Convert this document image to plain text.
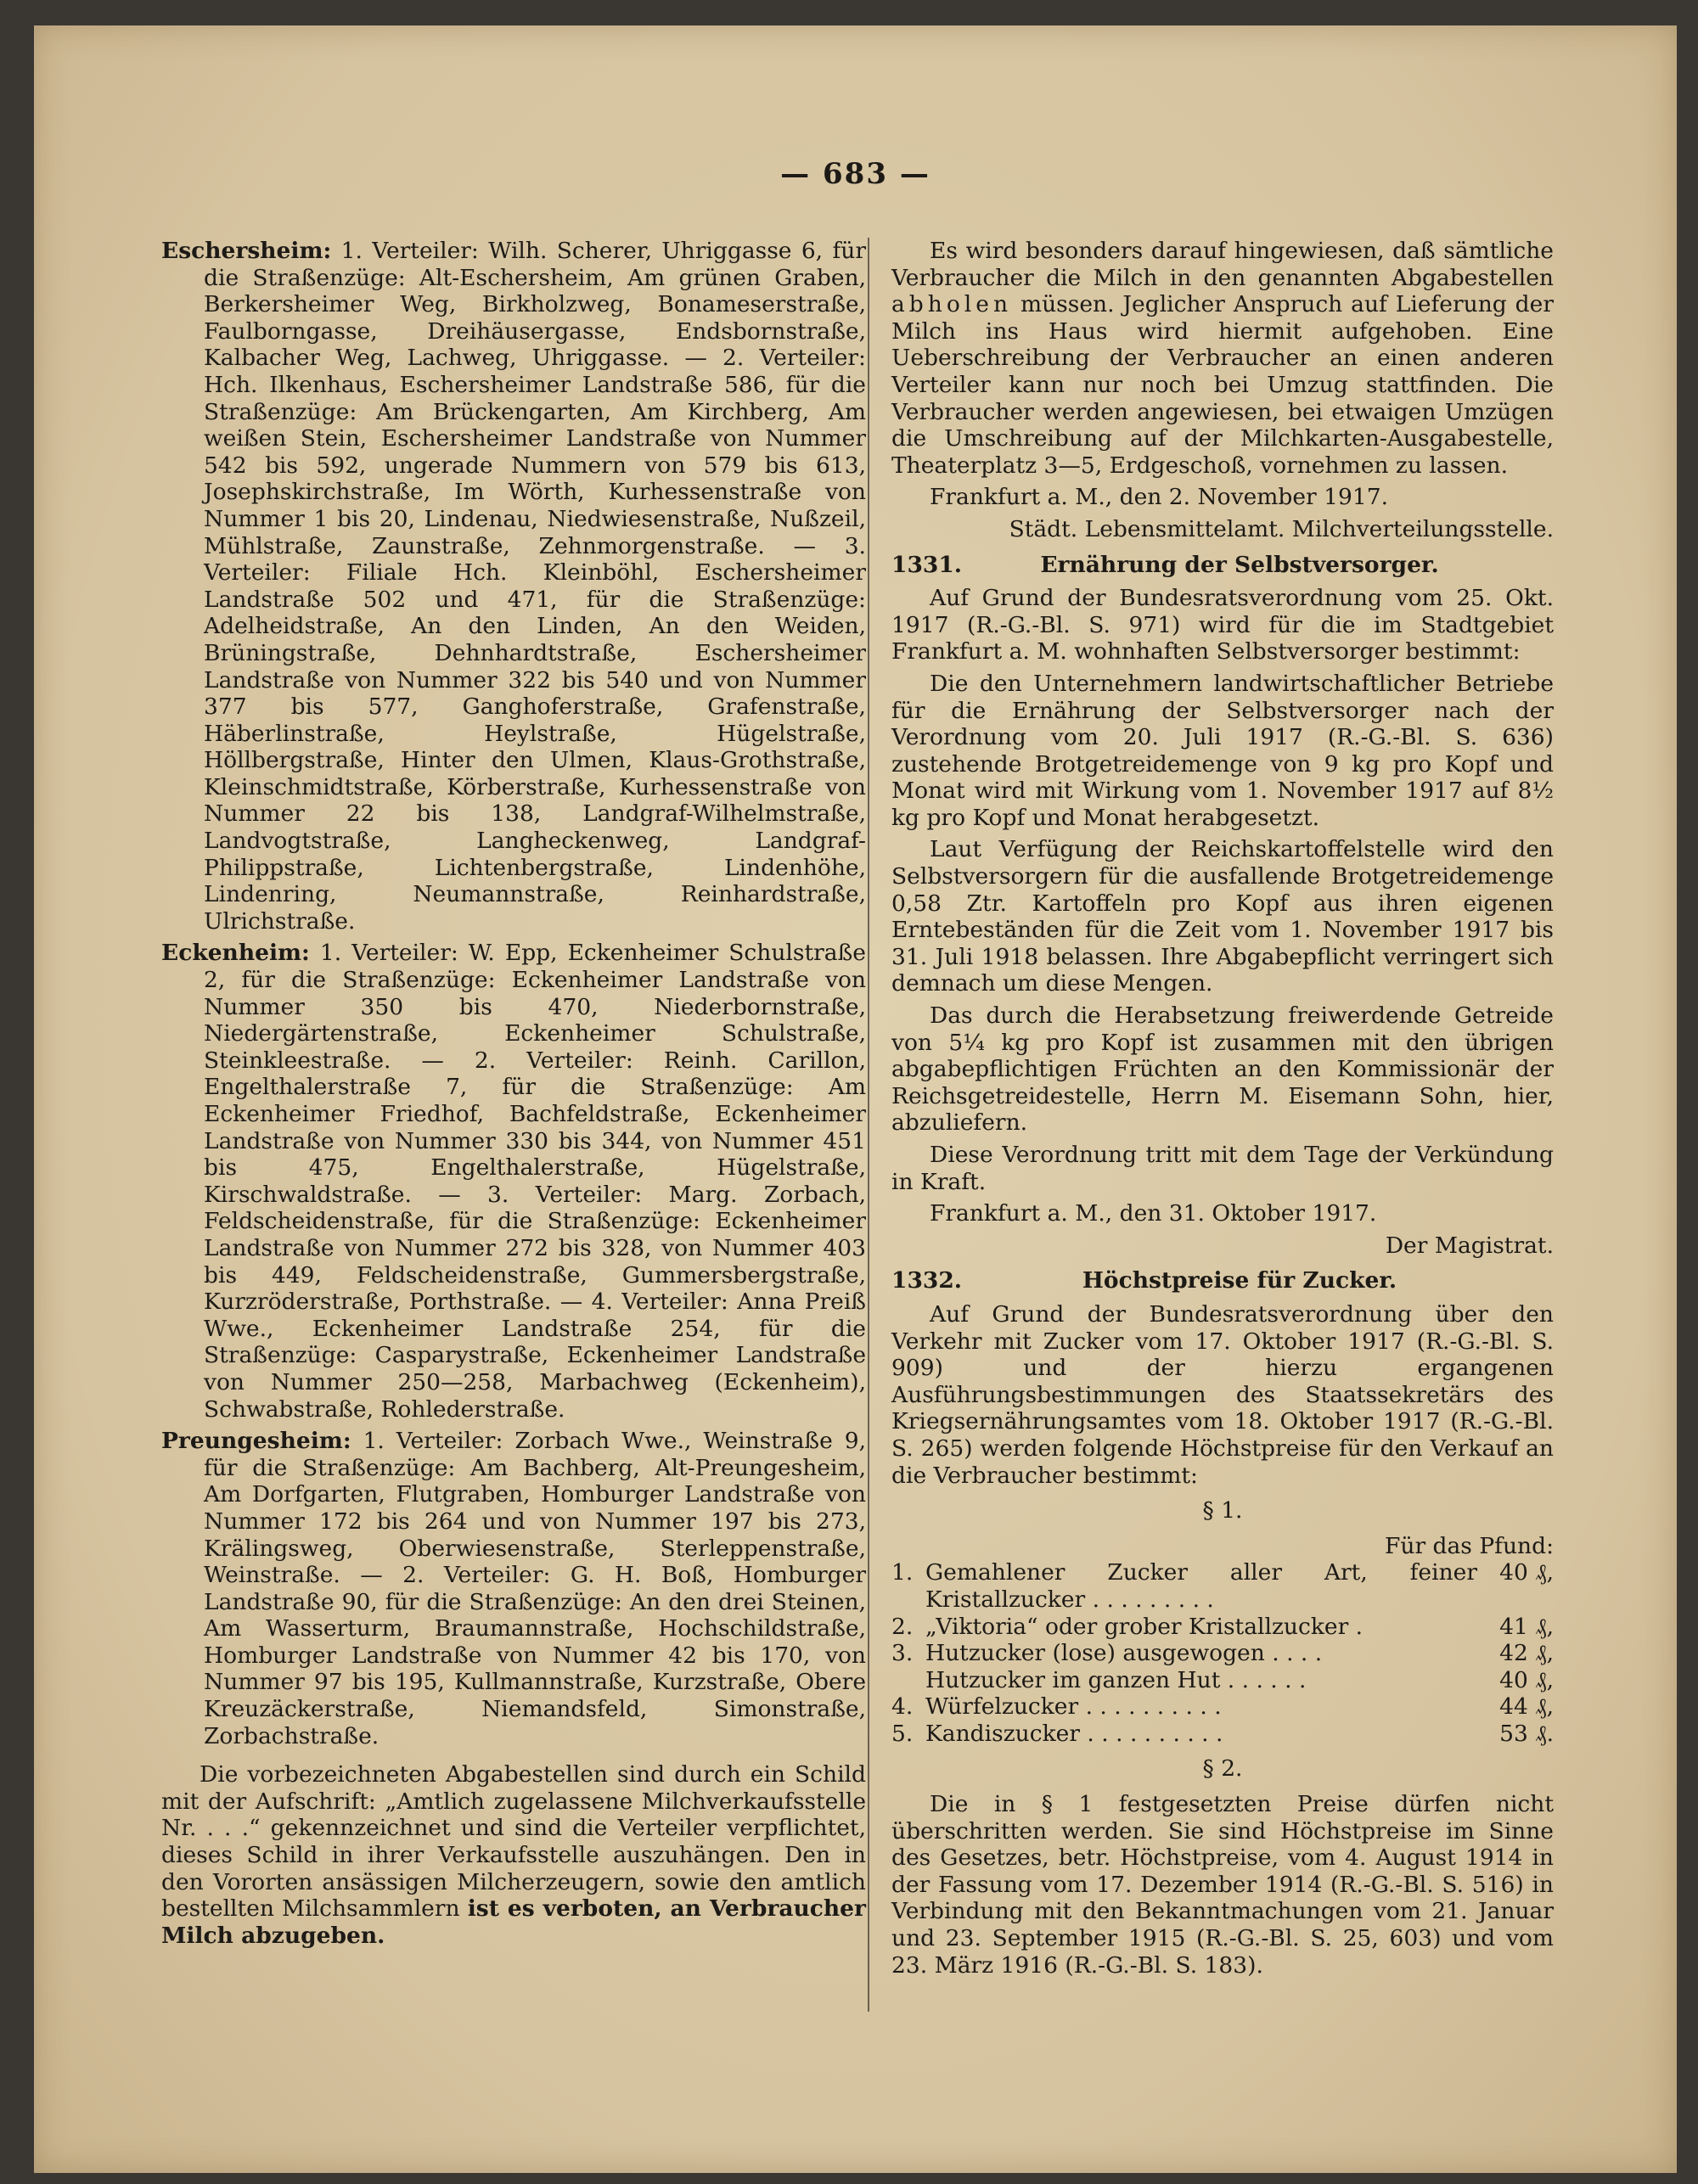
— 683 —

Eschersheim: 1. Verteiler: Wilh. Scherer, Uhriggasse 6, für die Straßenzüge: Alt-Eschersheim, Am grünen Graben, Berkersheimer Weg, Birkholzweg, Bonameserstraße, Faulborngasse, Dreihäusergasse, Endsbornstraße, Kalbacher Weg, Lachweg, Uhriggasse. — 2. Verteiler: Hch. Ilkenhaus, Eschersheimer Landstraße 586, für die Straßenzüge: Am Brückengarten, Am Kirchberg, Am weißen Stein, Eschersheimer Landstraße von Nummer 542 bis 592, ungerade Nummern von 579 bis 613, Josephskirchstraße, Im Wörth, Kurhessenstraße von Nummer 1 bis 20, Lindenau, Niedwiesenstraße, Nußzeil, Mühlstraße, Zaunstraße, Zehnmorgenstraße. — 3. Verteiler: Filiale Hch. Kleinböhl, Eschersheimer Landstraße 502 und 471, für die Straßenzüge: Adelheidstraße, An den Linden, An den Weiden, Brüningstraße, Dehnhardtstraße, Eschersheimer Landstraße von Nummer 322 bis 540 und von Nummer 377 bis 577, Ganghoferstraße, Grafenstraße, Häberlinstraße, Heylstraße, Hügelstraße, Höllbergstraße, Hinter den Ulmen, Klaus-Grothstraße, Kleinschmidtstraße, Körberstraße, Kurhessenstraße von Nummer 22 bis 138, Landgraf-Wilhelmstraße, Landvogtstraße, Langheckenweg, Landgraf-Philippstraße, Lichtenbergstraße, Lindenhöhe, Lindenring, Neumannstraße, Reinhardstraße, Ulrichstraße.

Eckenheim: 1. Verteiler: W. Epp, Eckenheimer Schulstraße 2, für die Straßenzüge: Eckenheimer Landstraße von Nummer 350 bis 470, Niederbornstraße, Niedergärtenstraße, Eckenheimer Schulstraße, Steinkleestraße. — 2. Verteiler: Reinh. Carillon, Engelthalerstraße 7, für die Straßenzüge: Am Eckenheimer Friedhof, Bachfeldstraße, Eckenheimer Landstraße von Nummer 330 bis 344, von Nummer 451 bis 475, Engelthalerstraße, Hügelstraße, Kirschwaldstraße. — 3. Verteiler: Marg. Zorbach, Feldscheidenstraße, für die Straßenzüge: Eckenheimer Landstraße von Nummer 272 bis 328, von Nummer 403 bis 449, Feldscheidenstraße, Gummersbergstraße, Kurzröderstraße, Porthstraße. — 4. Verteiler: Anna Preiß Wwe., Eckenheimer Landstraße 254, für die Straßenzüge: Casparystraße, Eckenheimer Landstraße von Nummer 250—258, Marbachweg (Eckenheim), Schwabstraße, Rohlederstraße.

Preungesheim: 1. Verteiler: Zorbach Wwe., Weinstraße 9, für die Straßenzüge: Am Bachberg, Alt-Preungesheim, Am Dorfgarten, Flutgraben, Homburger Landstraße von Nummer 172 bis 264 und von Nummer 197 bis 273, Krälingsweg, Oberwiesenstraße, Sterleppenstraße, Weinstraße. — 2. Verteiler: G. H. Boß, Homburger Landstraße 90, für die Straßenzüge: An den drei Steinen, Am Wasserturm, Braumannstraße, Hochschildstraße, Homburger Landstraße von Nummer 42 bis 170, von Nummer 97 bis 195, Kullmannstraße, Kurzstraße, Obere Kreuzäckerstraße, Niemandsfeld, Simonstraße, Zorbachstraße.

Die vorbezeichneten Abgabestellen sind durch ein Schild mit der Aufschrift: „Amtlich zugelassene Milchverkaufsstelle Nr. . . .“ gekennzeichnet und sind die Verteiler verpflichtet, dieses Schild in ihrer Verkaufsstelle auszuhängen. Den in den Vororten ansässigen Milcherzeugern, sowie den amtlich bestellten Milchsammlern ist es verboten, an Verbraucher Milch abzugeben.

Es wird besonders darauf hingewiesen, daß sämtliche Verbraucher die Milch in den genannten Abgabestellen abholen müssen. Jeglicher Anspruch auf Lieferung der Milch ins Haus wird hiermit aufgehoben. Eine Ueberschreibung der Verbraucher an einen anderen Verteiler kann nur noch bei Umzug stattfinden. Die Verbraucher werden angewiesen, bei etwaigen Umzügen die Umschreibung auf der Milchkarten-Ausgabestelle, Theaterplatz 3—5, Erdgeschoß, vornehmen zu lassen.

Frankfurt a. M., den 2. November 1917.

Städt. Lebensmittelamt. Milchverteilungsstelle.

1331.	Ernährung der Selbstversorger.

Auf Grund der Bundesratsverordnung vom 25. Okt. 1917 (R.-G.-Bl. S. 971) wird für die im Stadtgebiet Frankfurt a. M. wohnhaften Selbstversorger bestimmt:

Die den Unternehmern landwirtschaftlicher Betriebe für die Ernährung der Selbstversorger nach der Verordnung vom 20. Juli 1917 (R.-G.-Bl. S. 636) zustehende Brotgetreidemenge von 9 kg pro Kopf und Monat wird mit Wirkung vom 1. November 1917 auf 8½ kg pro Kopf und Monat herabgesetzt.

Laut Verfügung der Reichskartoffelstelle wird den Selbstversorgern für die ausfallende Brotgetreidemenge 0,58 Ztr. Kartoffeln pro Kopf aus ihren eigenen Erntebeständen für die Zeit vom 1. November 1917 bis 31. Juli 1918 belassen. Ihre Abgabepflicht verringert sich demnach um diese Mengen.

Das durch die Herabsetzung freiwerdende Getreide von 5¼ kg pro Kopf ist zusammen mit den übrigen abgabepflichtigen Früchten an den Kommissionär der Reichsgetreidestelle, Herrn M. Eisemann Sohn, hier, abzuliefern.

Diese Verordnung tritt mit dem Tage der Verkündung in Kraft.

Frankfurt a. M., den 31. Oktober 1917.

Der Magistrat.

1332.	Höchstpreise für Zucker.

Auf Grund der Bundesratsverordnung über den Verkehr mit Zucker vom 17. Oktober 1917 (R.-G.-Bl. S. 909) und der hierzu ergangenen Ausführungsbestimmungen des Staatssekretärs des Kriegsernährungsamtes vom 18. Oktober 1917 (R.-G.-Bl. S. 265) werden folgende Höchstpreise für den Verkauf an die Verbraucher bestimmt:

§ 1.
Für das Pfund:		
1.	Gemahlener Zucker aller Art, feiner Kristallzucker . . . . . . . . .	40 ₰,
2.	„Viktoria“ oder grober Kristallzucker .	41 ₰,
3.	Hutzucker (lose) ausgewogen . . . .	42 ₰,
	Hutzucker im ganzen Hut . . . . . .	40 ₰,
4.	Würfelzucker . . . . . . . . . .	44 ₰,
5.	Kandiszucker . . . . . . . . . .	53 ₰.
§ 2.

Die in § 1 festgesetzten Preise dürfen nicht überschritten werden. Sie sind Höchstpreise im Sinne des Gesetzes, betr. Höchstpreise, vom 4. August 1914 in der Fassung vom 17. Dezember 1914 (R.-G.-Bl. S. 516) in Verbindung mit den Bekanntmachungen vom 21. Januar und 23. September 1915 (R.-G.-Bl. S. 25, 603) und vom 23. März 1916 (R.-G.-Bl. S. 183).
